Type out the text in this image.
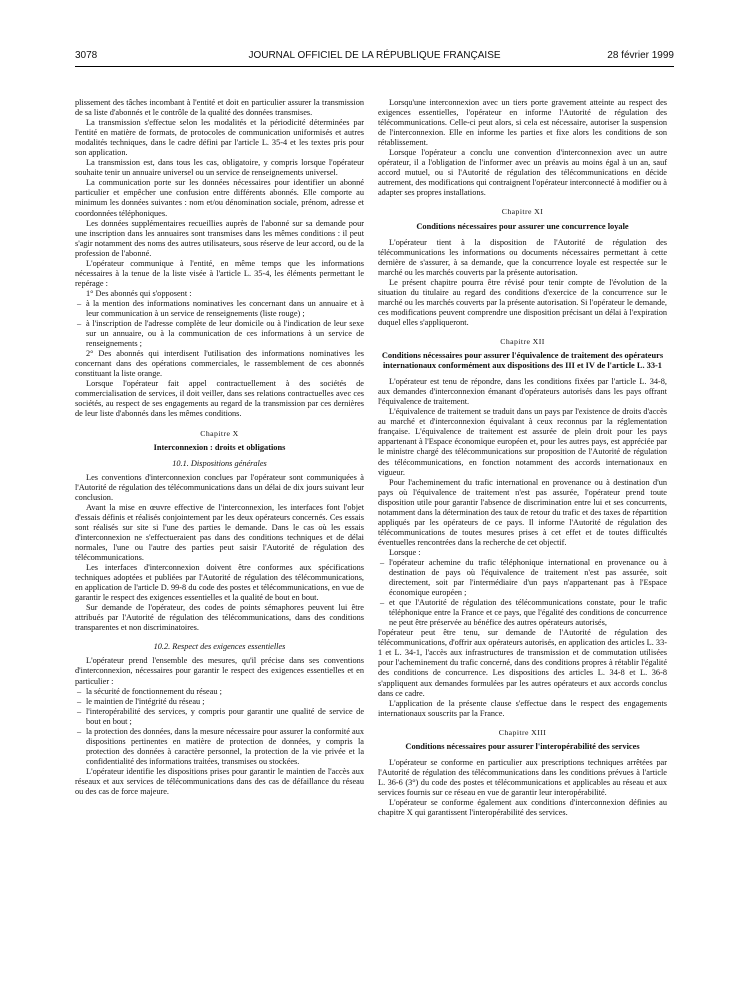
3078	JOURNAL OFFICIEL DE LA RÉPUBLIQUE FRANÇAISE	28 février 1999

plissement des tâches incombant à l'entité et doit en particulier assurer la transmission de sa liste d'abonnés et le contrôle de la qualité des données transmises.

La transmission s'effectue selon les modalités et la périodicité déterminées par l'entité en matière de formats, de protocoles de communication uniformisés et autres modalités techniques, dans le cadre défini par l'article L. 35-4 et les textes pris pour son application.

La transmission est, dans tous les cas, obligatoire, y compris lorsque l'opérateur souhaite tenir un annuaire universel ou un service de renseignements universel.

La communication porte sur les données nécessaires pour identifier un abonné particulier et empêcher une confusion entre différents abonnés. Elle comporte au minimum les données suivantes : nom et/ou dénomination sociale, prénom, adresse et coordonnées téléphoniques.

Les données supplémentaires recueillies auprès de l'abonné sur sa demande pour une inscription dans les annuaires sont transmises dans les mêmes conditions : il peut s'agir notamment des noms des autres utilisateurs, sous réserve de leur accord, ou de la profession de l'abonné.

L'opérateur communique à l'entité, en même temps que les informations nécessaires à la tenue de la liste visée à l'article L. 35-4, les éléments permettant le repérage :

1° Des abonnés qui s'opposent :

– à la mention des informations nominatives les concernant dans un annuaire et à leur communication à un service de renseignements (liste rouge) ;

– à l'inscription de l'adresse complète de leur domicile ou à l'indication de leur sexe sur un annuaire, ou à la communication de ces informations à un service de renseignements ;

2° Des abonnés qui interdisent l'utilisation des informations nominatives les concernant dans des opérations commerciales, le rassemblement de ces abonnés constituant la liste orange.

Lorsque l'opérateur fait appel contractuellement à des sociétés de commercialisation de services, il doit veiller, dans ses relations contractuelles avec ces sociétés, au respect de ses engagements au regard de la transmission par ces dernières de leur liste d'abonnés dans les mêmes conditions.

Chapitre X
Interconnexion : droits et obligations
10.1. Dispositions générales

Les conventions d'interconnexion conclues par l'opérateur sont communiquées à l'Autorité de régulation des télécommunications dans un délai de dix jours suivant leur conclusion.

Avant la mise en œuvre effective de l'interconnexion, les interfaces font l'objet d'essais définis et réalisés conjointement par les deux opérateurs concernés. Ces essais sont réalisés sur site si l'une des parties le demande. Dans le cas où les essais d'interconnexion ne s'effectueraient pas dans des conditions techniques et de délai normales, l'une ou l'autre des parties peut saisir l'Autorité de régulation des télécommunications.

Les interfaces d'interconnexion doivent être conformes aux spécifications techniques adoptées et publiées par l'Autorité de régulation des télécommunications, en application de l'article D. 99-8 du code des postes et télécommunications, en vue de garantir le respect des exigences essentielles et la qualité de bout en bout.

Sur demande de l'opérateur, des codes de points sémaphores peuvent lui être attribués par l'Autorité de régulation des télécommunications, dans des conditions transparentes et non discriminatoires.

10.2. Respect des exigences essentielles

L'opérateur prend l'ensemble des mesures, qu'il précise dans ses conventions d'interconnexion, nécessaires pour garantir le respect des exigences essentielles et en particulier :

– la sécurité de fonctionnement du réseau ;

– le maintien de l'intégrité du réseau ;

– l'interopérabilité des services, y compris pour garantir une qualité de service de bout en bout ;

– la protection des données, dans la mesure nécessaire pour assurer la conformité aux dispositions pertinentes en matière de protection de données, y compris la protection des données à caractère personnel, la protection de la vie privée et la confidentialité des informations traitées, transmises ou stockées.

L'opérateur identifie les dispositions prises pour garantir le maintien de l'accès aux réseaux et aux services de télécommunications dans des cas de défaillance du réseau ou des cas de force majeure.

Lorsqu'une interconnexion avec un tiers porte gravement atteinte au respect des exigences essentielles, l'opérateur en informe l'Autorité de régulation des télécommunications. Celle-ci peut alors, si cela est nécessaire, autoriser la suspension de l'interconnexion. Elle en informe les parties et fixe alors les conditions de son rétablissement.

Lorsque l'opérateur a conclu une convention d'interconnexion avec un autre opérateur, il a l'obligation de l'informer avec un préavis au moins égal à un an, sauf accord mutuel, ou si l'Autorité de régulation des télécommunications en décide autrement, des modifications qui contraignent l'opérateur interconnecté à modifier ou à adapter ses propres installations.

Chapitre XI
Conditions nécessaires pour assurer une concurrence loyale

L'opérateur tient à la disposition de l'Autorité de régulation des télécommunications les informations ou documents nécessaires permettant à cette dernière de s'assurer, à sa demande, que la concurrence loyale est respectée sur le marché ou les marchés couverts par la présente autorisation.

Le présent chapitre pourra être révisé pour tenir compte de l'évolution de la situation du titulaire au regard des conditions d'exercice de la concurrence sur le marché ou les marchés couverts par la présente autorisation. Si l'opérateur le demande, ces modifications peuvent comprendre une disposition précisant un délai à l'expiration duquel elles s'appliqueront.

Chapitre XII
Conditions nécessaires pour assurer l'équivalence de traitement des opérateurs internationaux conformément aux dispositions des III et IV de l'article L. 33-1

L'opérateur est tenu de répondre, dans les conditions fixées par l'article L. 34-8, aux demandes d'interconnexion émanant d'opérateurs autorisés dans les pays offrant l'équivalence de traitement.

L'équivalence de traitement se traduit dans un pays par l'existence de droits d'accès au marché et d'interconnexion équivalant à ceux reconnus par la réglementation française. L'équivalence de traitement est assurée de plein droit pour les pays appartenant à l'Espace économique européen et, pour les autres pays, est appréciée par le ministre chargé des télécommunications sur proposition de l'Autorité de régulation des télécommunications, en fonction notamment des accords internationaux en vigueur.

Pour l'acheminement du trafic international en provenance ou à destination d'un pays où l'équivalence de traitement n'est pas assurée, l'opérateur prend toute disposition utile pour garantir l'absence de discrimination entre lui et ses concurrents, notamment dans la détermination des taux de retour du trafic et des taxes de répartition appliqués par les opérateurs de ce pays. Il informe l'Autorité de régulation des télécommunications de toutes mesures prises à cet effet et de toutes difficultés éventuelles rencontrées dans la recherche de cet objectif.

Lorsque :

– l'opérateur achemine du trafic téléphonique international en provenance ou à destination de pays où l'équivalence de traitement n'est pas assurée, soit directement, soit par l'intermédiaire d'un pays n'appartenant pas à l'Espace économique européen ;

– et que l'Autorité de régulation des télécommunications constate, pour le trafic téléphonique entre la France et ce pays, que l'égalité des conditions de concurrence ne peut être préservée au bénéfice des autres opérateurs autorisés,

l'opérateur peut être tenu, sur demande de l'Autorité de régulation des télécommunications, d'offrir aux opérateurs autorisés, en application des articles L. 33-1 et L. 34-1, l'accès aux infrastructures de transmission et de commutation utilisées pour l'acheminement du trafic concerné, dans des conditions propres à rétablir l'égalité des conditions de concurrence. Les dispositions des articles L. 34-8 et L. 36-8 s'appliquent aux demandes formulées par les autres opérateurs et aux accords conclus dans ce cadre.

L'application de la présente clause s'effectue dans le respect des engagements internationaux souscrits par la France.

Chapitre XIII
Conditions nécessaires pour assurer l'interopérabilité des services

L'opérateur se conforme en particulier aux prescriptions techniques arrêtées par l'Autorité de régulation des télécommunications dans les conditions prévues à l'article L. 36-6 (3°) du code des postes et télécommunications et applicables au réseau et aux services fournis sur ce réseau en vue de garantir leur interopérabilité.

L'opérateur se conforme également aux conditions d'interconnexion définies au chapitre X qui garantissent l'interopérabilité des services.
